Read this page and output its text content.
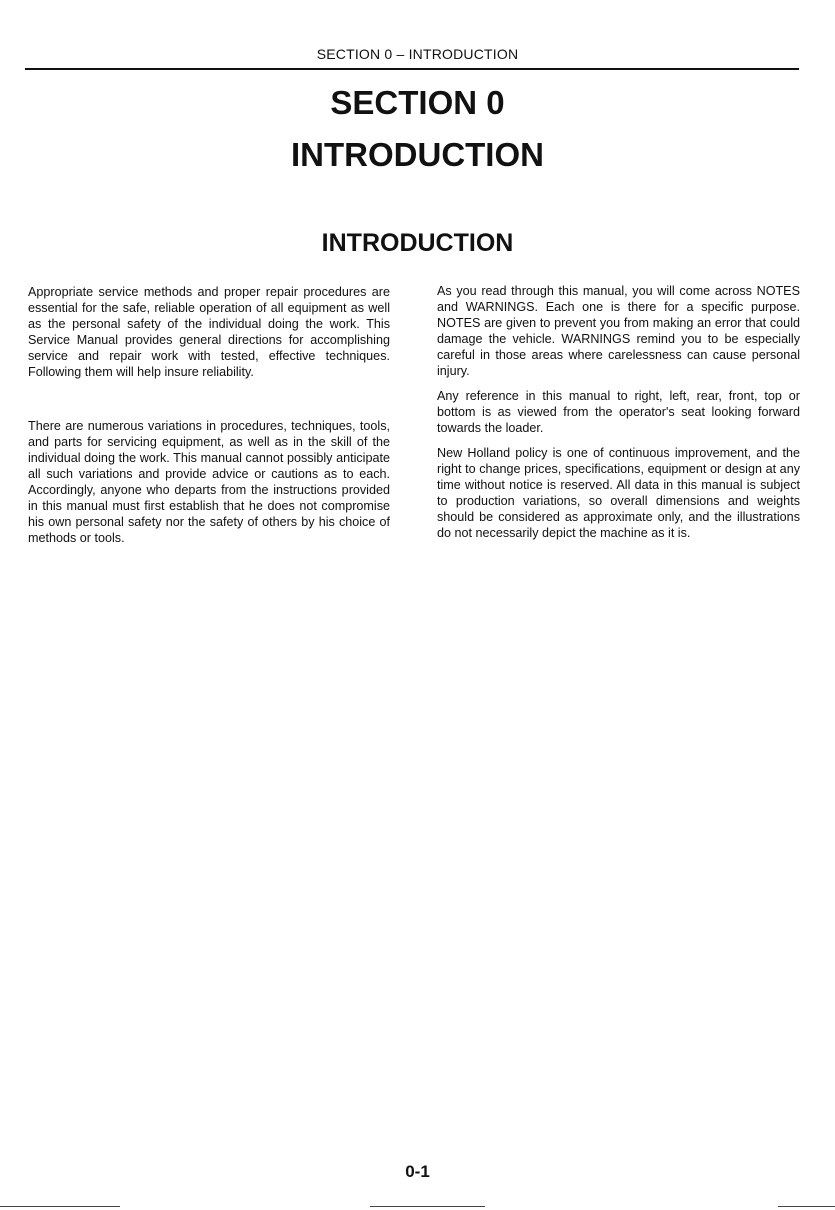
SECTION 0 – INTRODUCTION
SECTION 0
INTRODUCTION
INTRODUCTION

Appropriate service methods and proper repair procedures are essential for the safe, reliable operation of all equipment as well as the personal safety of the individual doing the work. This Service Manual provides general directions for accomplishing service and repair work with tested, effective techniques. Following them will help insure reliability.

There are numerous variations in procedures, techniques, tools, and parts for servicing equipment, as well as in the skill of the individual doing the work. This manual cannot possibly anticipate all such variations and provide advice or cautions as to each. Accordingly, anyone who departs from the instructions provided in this manual must first establish that he does not compromise his own personal safety nor the safety of others by his choice of methods or tools.

As you read through this manual, you will come across NOTES and WARNINGS. Each one is there for a specific purpose. NOTES are given to prevent you from making an error that could damage the vehicle. WARNINGS remind you to be especially careful in those areas where carelessness can cause personal injury.

Any reference in this manual to right, left, rear, front, top or bottom is as viewed from the operator's seat looking forward towards the loader.

New Holland policy is one of continuous improvement, and the right to change prices, specifications, equipment or design at any time without notice is reserved. All data in this manual is subject to production variations, so overall dimensions and weights should be considered as approximate only, and the illustrations do not necessarily depict the machine as it is.

0-1
